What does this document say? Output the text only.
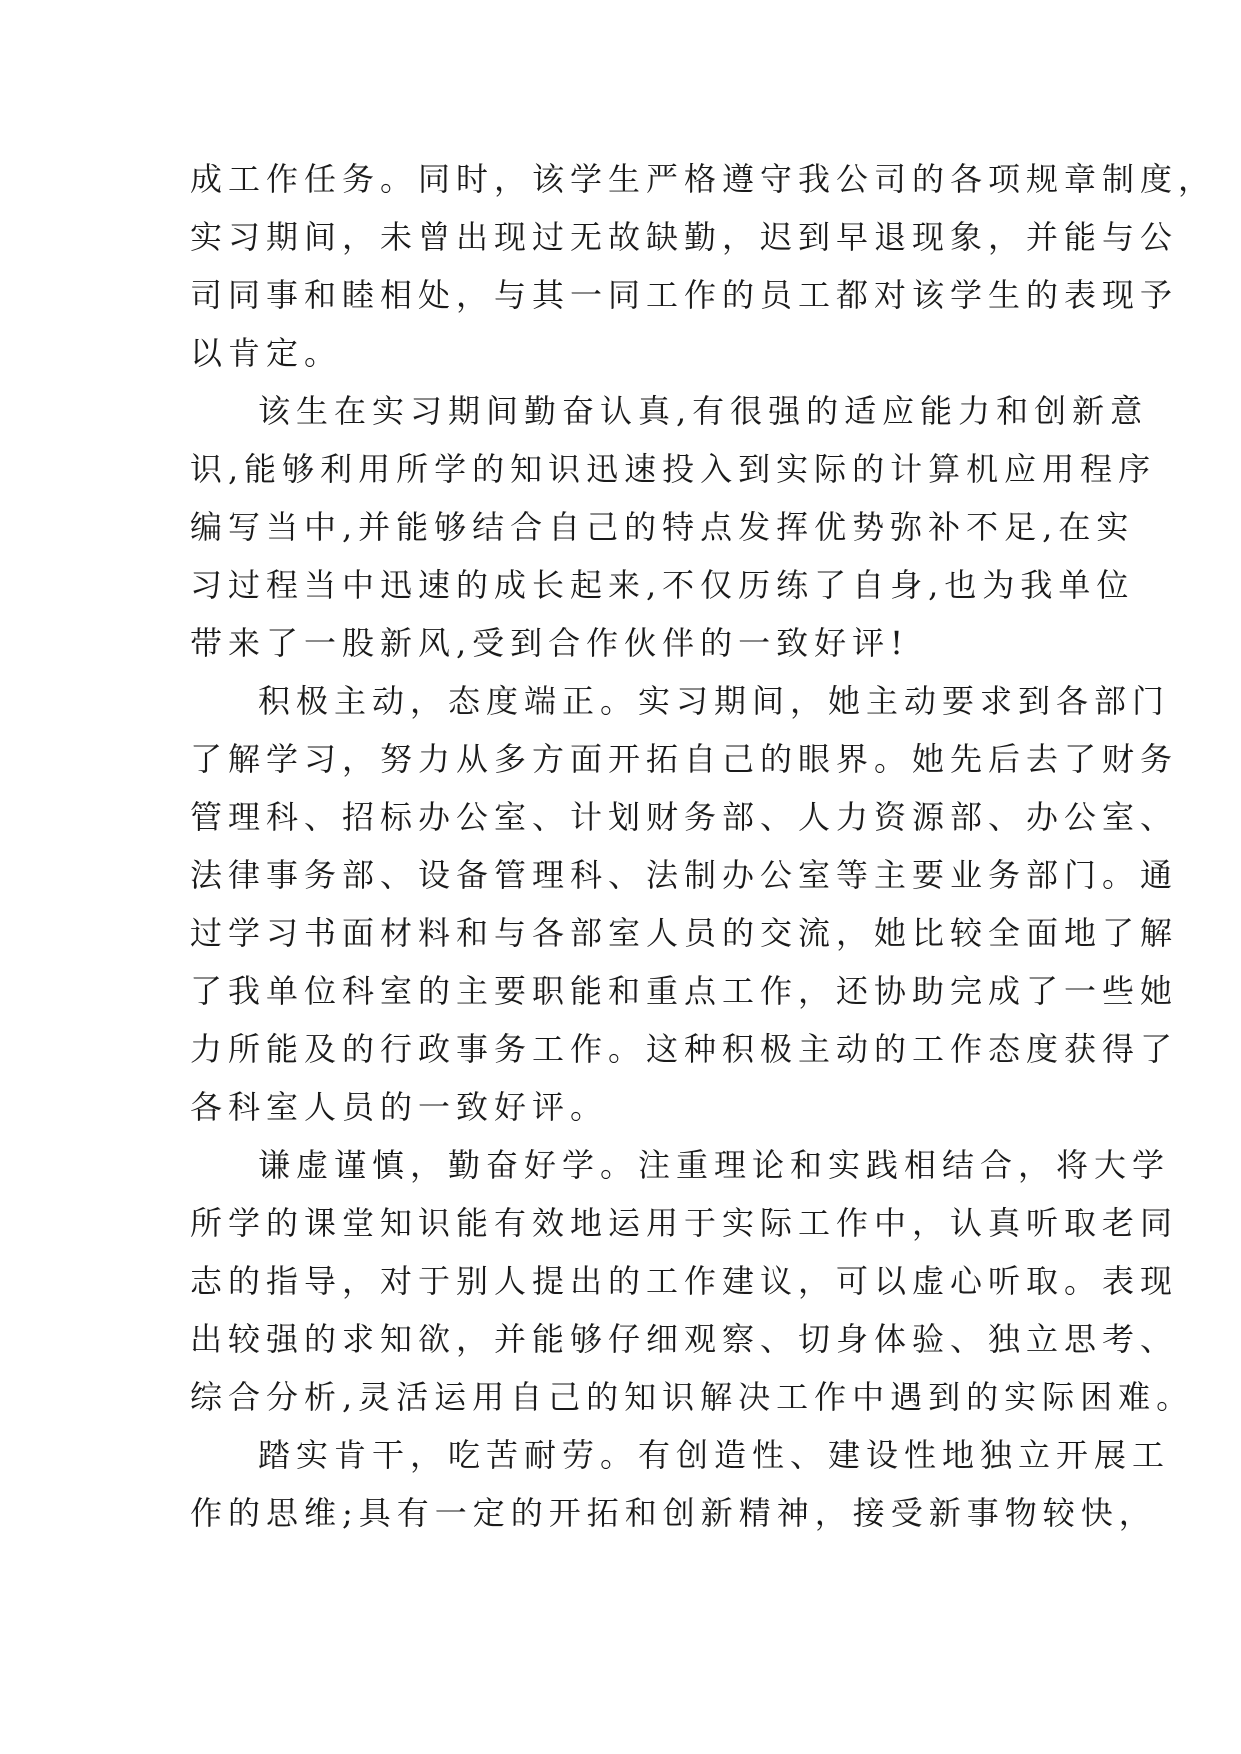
成工作任务。同时，该学生严格遵守我公司的各项规章制度，
实习期间，未曾出现过无故缺勤，迟到早退现象，并能与公
司同事和睦相处，与其一同工作的员工都对该学生的表现予
以肯定。
该生在实习期间勤奋认真,有很强的适应能力和创新意
识,能够利用所学的知识迅速投入到实际的计算机应用程序
编写当中,并能够结合自己的特点发挥优势弥补不足,在实
习过程当中迅速的成长起来,不仅历练了自身,也为我单位
带来了一股新风,受到合作伙伴的一致好评!
积极主动，态度端正。实习期间，她主动要求到各部门
了解学习，努力从多方面开拓自己的眼界。她先后去了财务
管理科、招标办公室、计划财务部、人力资源部、办公室、
法律事务部、设备管理科、法制办公室等主要业务部门。通
过学习书面材料和与各部室人员的交流，她比较全面地了解
了我单位科室的主要职能和重点工作，还协助完成了一些她
力所能及的行政事务工作。这种积极主动的工作态度获得了
各科室人员的一致好评。
谦虚谨慎，勤奋好学。注重理论和实践相结合，将大学
所学的课堂知识能有效地运用于实际工作中，认真听取老同
志的指导，对于别人提出的工作建议，可以虚心听取。表现
出较强的求知欲，并能够仔细观察、切身体验、独立思考、
综合分析,灵活运用自己的知识解决工作中遇到的实际困难。
踏实肯干，吃苦耐劳。有创造性、建设性地独立开展工
作的思维;具有一定的开拓和创新精神，接受新事物较快，
